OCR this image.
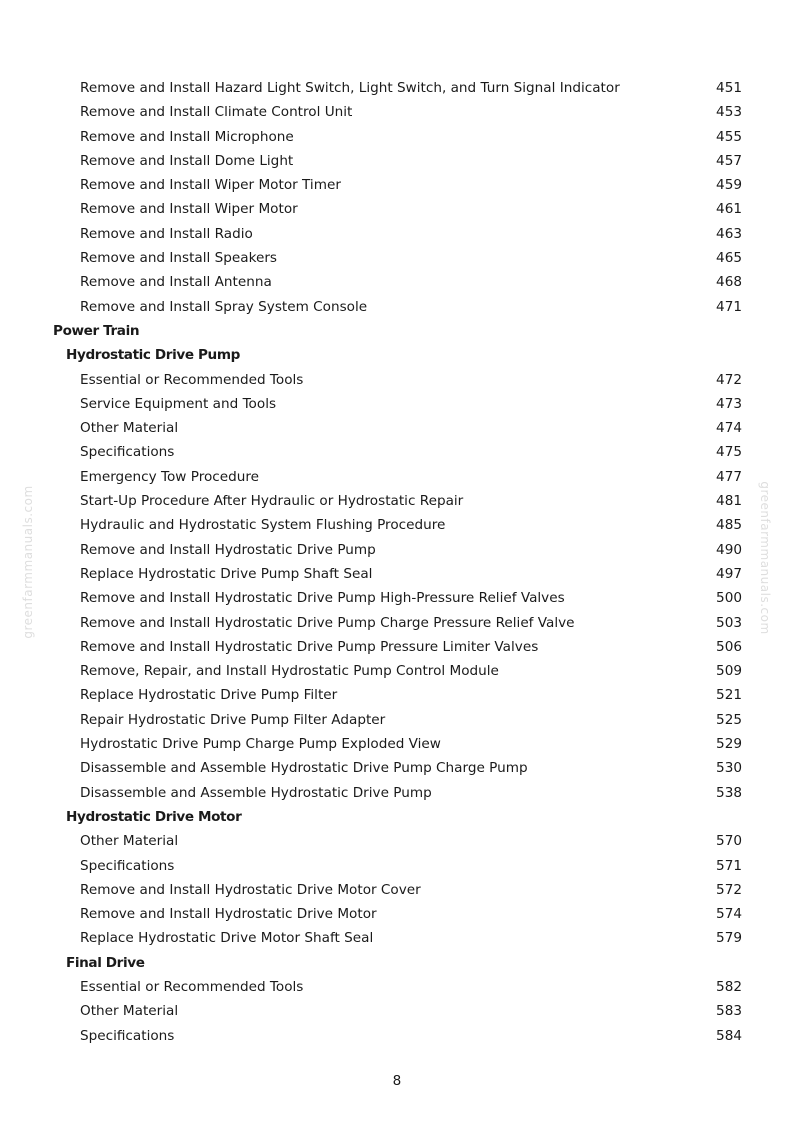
Remove and Install Hazard Light Switch, Light Switch, and Turn Signal Indicator	451
Remove and Install Climate Control Unit	453
Remove and Install Microphone	455
Remove and Install Dome Light	457
Remove and Install Wiper Motor Timer	459
Remove and Install Wiper Motor	461
Remove and Install Radio	463
Remove and Install Speakers	465
Remove and Install Antenna	468
Remove and Install Spray System Console	471
Power Train
Hydrostatic Drive Pump
Essential or Recommended Tools	472
Service Equipment and Tools	473
Other Material	474
Specifications	475
Emergency Tow Procedure	477
Start-Up Procedure After Hydraulic or Hydrostatic Repair	481
Hydraulic and Hydrostatic System Flushing Procedure	485
Remove and Install Hydrostatic Drive Pump	490
Replace Hydrostatic Drive Pump Shaft Seal	497
Remove and Install Hydrostatic Drive Pump High-Pressure Relief Valves	500
Remove and Install Hydrostatic Drive Pump Charge Pressure Relief Valve	503
Remove and Install Hydrostatic Drive Pump Pressure Limiter Valves	506
Remove, Repair, and Install Hydrostatic Pump Control Module	509
Replace Hydrostatic Drive Pump Filter	521
Repair Hydrostatic Drive Pump Filter Adapter	525
Hydrostatic Drive Pump Charge Pump Exploded View	529
Disassemble and Assemble Hydrostatic Drive Pump Charge Pump	530
Disassemble and Assemble Hydrostatic Drive Pump	538
Hydrostatic Drive Motor
Other Material	570
Specifications	571
Remove and Install Hydrostatic Drive Motor Cover	572
Remove and Install Hydrostatic Drive Motor	574
Replace Hydrostatic Drive Motor Shaft Seal	579
Final Drive
Essential or Recommended Tools	582
Other Material	583
Specifications	584
8
greenfarmmanuals.com	greenfarmmanuals.com
